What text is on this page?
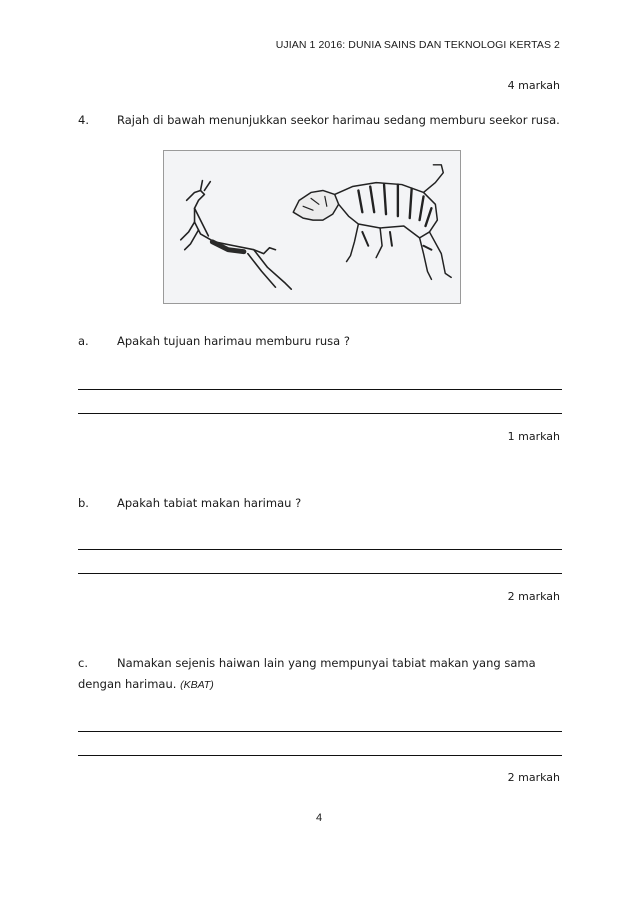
UJIAN 1 2016: DUNIA SAINS DAN TEKNOLOGI KERTAS 2
4 markah
4. Rajah di bawah menunjukkan seekor harimau sedang memburu seekor rusa.
a. Apakah tujuan harimau memburu rusa ?
1 markah
b. Apakah tabiat makan harimau ?
2 markah
c.	Namakan sejenis haiwan lain yang mempunyai tabiat makan yang sama
dengan harimau. (KBAT)
2 markah
4
